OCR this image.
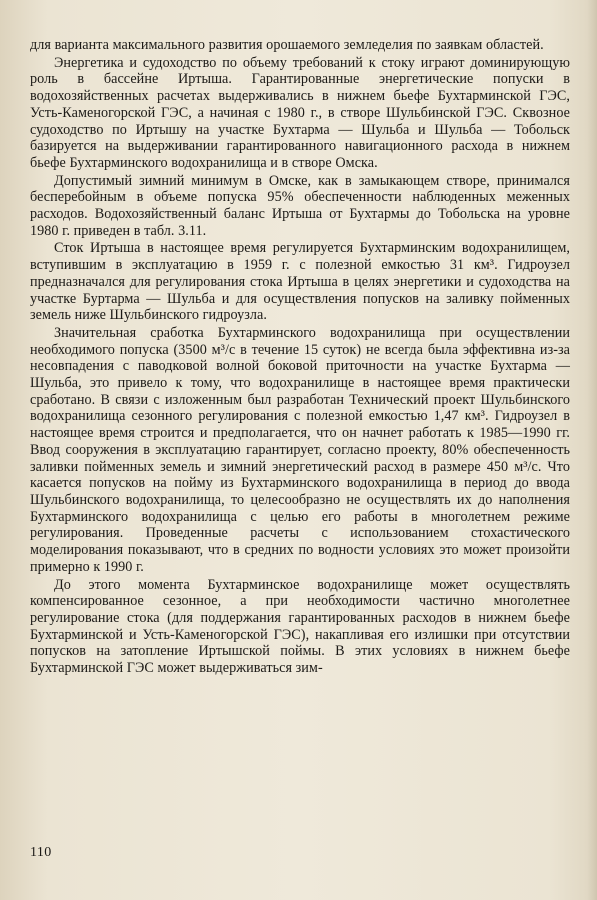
для варианта максимального развития орошаемого земледелия по заявкам областей.

Энергетика и судоходство по объему требований к стоку играют доминирующую роль в бассейне Иртыша. Гарантированные энергетические попуски в водохозяйственных расчетах выдерживались в нижнем бьефе Бухтарминской ГЭС, Усть-Каменогорской ГЭС, а начиная с 1980 г., в створе Шульбинской ГЭС. Сквозное судоходство по Иртышу на участке Бухтарма — Шульба и Шульба — Тобольск базируется на выдерживании гарантированного навигационного расхода в нижнем бьефе Бухтарминского водохранилища и в створе Омска.

Допустимый зимний минимум в Омске, как в замыкающем створе, принимался бесперебойным в объеме попуска 95% обеспеченности наблюденных меженных расходов. Водохозяйственный баланс Иртыша от Бухтармы до Тобольска на уровне 1980 г. приведен в табл. 3.11.

Сток Иртыша в настоящее время регулируется Бухтарминским водохранилищем, вступившим в эксплуатацию в 1959 г. с полезной емкостью 31 км³. Гидроузел предназначался для регулирования стока Иртыша в целях энергетики и судоходства на участке Буртарма — Шульба и для осуществления попусков на заливку пойменных земель ниже Шульбинского гидроузла.

Значительная сработка Бухтарминского водохранилища при осуществлении необходимого попуска (3500 м³/с в течение 15 суток) не всегда была эффективна из-за несовпадения с паводковой волной боковой приточности на участке Бухтарма — Шульба, это привело к тому, что водохранилище в настоящее время практически сработано. В связи с изложенным был разработан Технический проект Шульбинского водохранилища сезонного регулирования с полезной емкостью 1,47 км³. Гидроузел в настоящее время строится и предполагается, что он начнет работать к 1985—1990 гг. Ввод сооружения в эксплуатацию гарантирует, согласно проекту, 80% обеспеченность заливки пойменных земель и зимний энергетический расход в размере 450 м³/с. Что касается попусков на пойму из Бухтарминского водохранилища в период до ввода Шульбинского водохранилища, то целесообразно не осуществлять их до наполнения Бухтарминского водохранилища с целью его работы в многолетнем режиме регулирования. Проведенные расчеты с использованием стохастического моделирования показывают, что в средних по водности условиях это может произойти примерно к 1990 г.

До этого момента Бухтарминское водохранилище может осуществлять компенсированное сезонное, а при необходимости частично многолетнее регулирование стока (для поддержания гарантированных расходов в нижнем бьефе Бухтарминской и Усть-Каменогорской ГЭС), накапливая его излишки при отсутствии попусков на затопление Иртышской поймы. В этих условиях в нижнем бьефе Бухтарминской ГЭС может выдерживаться зим-

110
